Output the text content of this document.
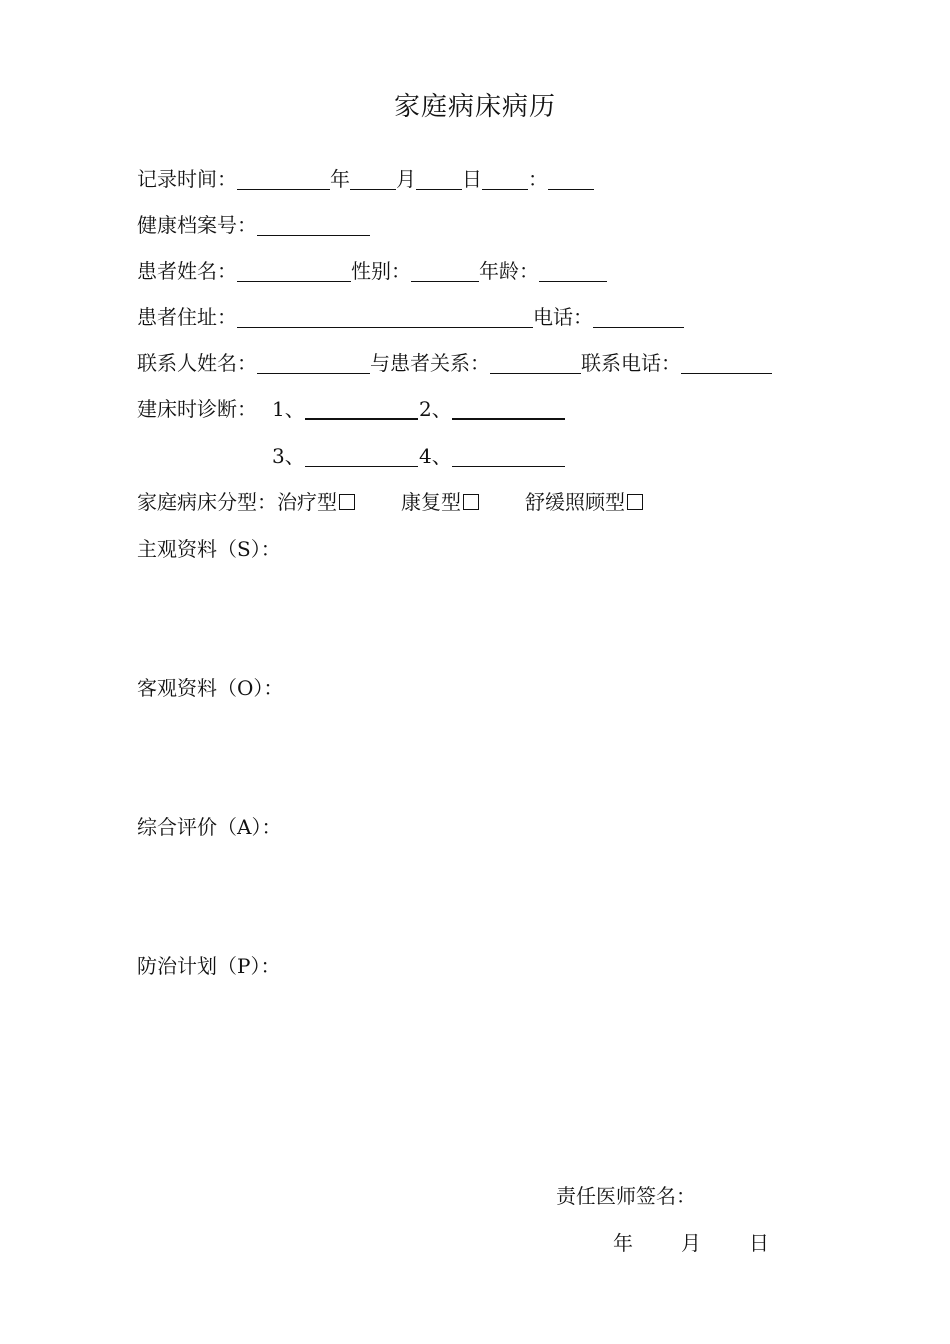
家庭病床病历
记录时间：	年 月 日 ：
健康档案号：
患者姓名：	性别：	年龄：
患者住址：	电话：
联系人姓名：	与患者关系：	联系电话：
建床时诊断： 1、	2、
3、	4、
家庭病床分型：治疗型	康复型	舒缓照顾型
主观资料（S）：
客观资料（O）：
综合评价（A）：
防治计划（P）：
责任医师签名：
年 月 日
